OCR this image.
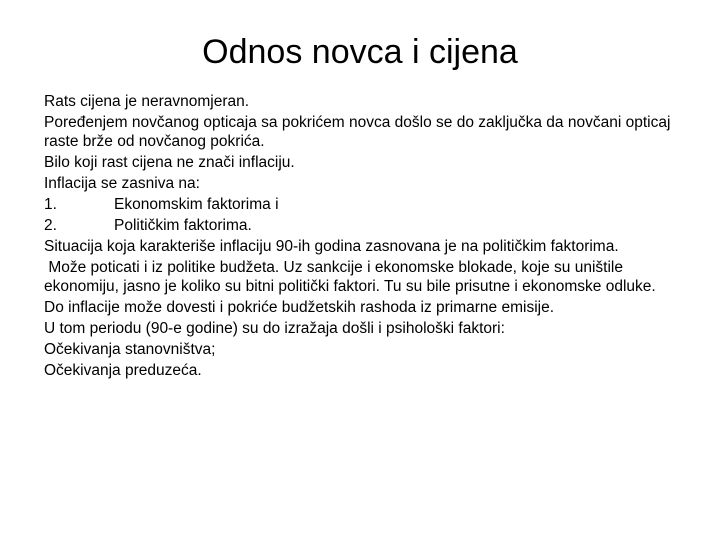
Odnos novca i cijena

Rats cijena je neravnomjeran.

Poređenjem novčanog opticaja sa pokrićem novca došlo se do zaključka da novčani opticaj raste brže od novčanog pokrića.

Bilo koji rast cijena ne znači inflaciju.

Inflacija se zasniva na:

1.	Ekonomskim faktorima i
2.	Političkim faktorima.

Situacija koja karakteriše inflaciju 90-ih godina zasnovana je na političkim faktorima.

Može poticati i iz politike budžeta. Uz sankcije i ekonomske blokade, koje su uništile ekonomiju, jasno je koliko su bitni politički faktori. Tu su bile prisutne i ekonomske odluke.

Do inflacije može dovesti i pokriće budžetskih rashoda iz primarne emisije.

U tom periodu (90-e godine) su do izražaja došli i psihološki faktori:

Očekivanja stanovništva;

Očekivanja preduzeća.
